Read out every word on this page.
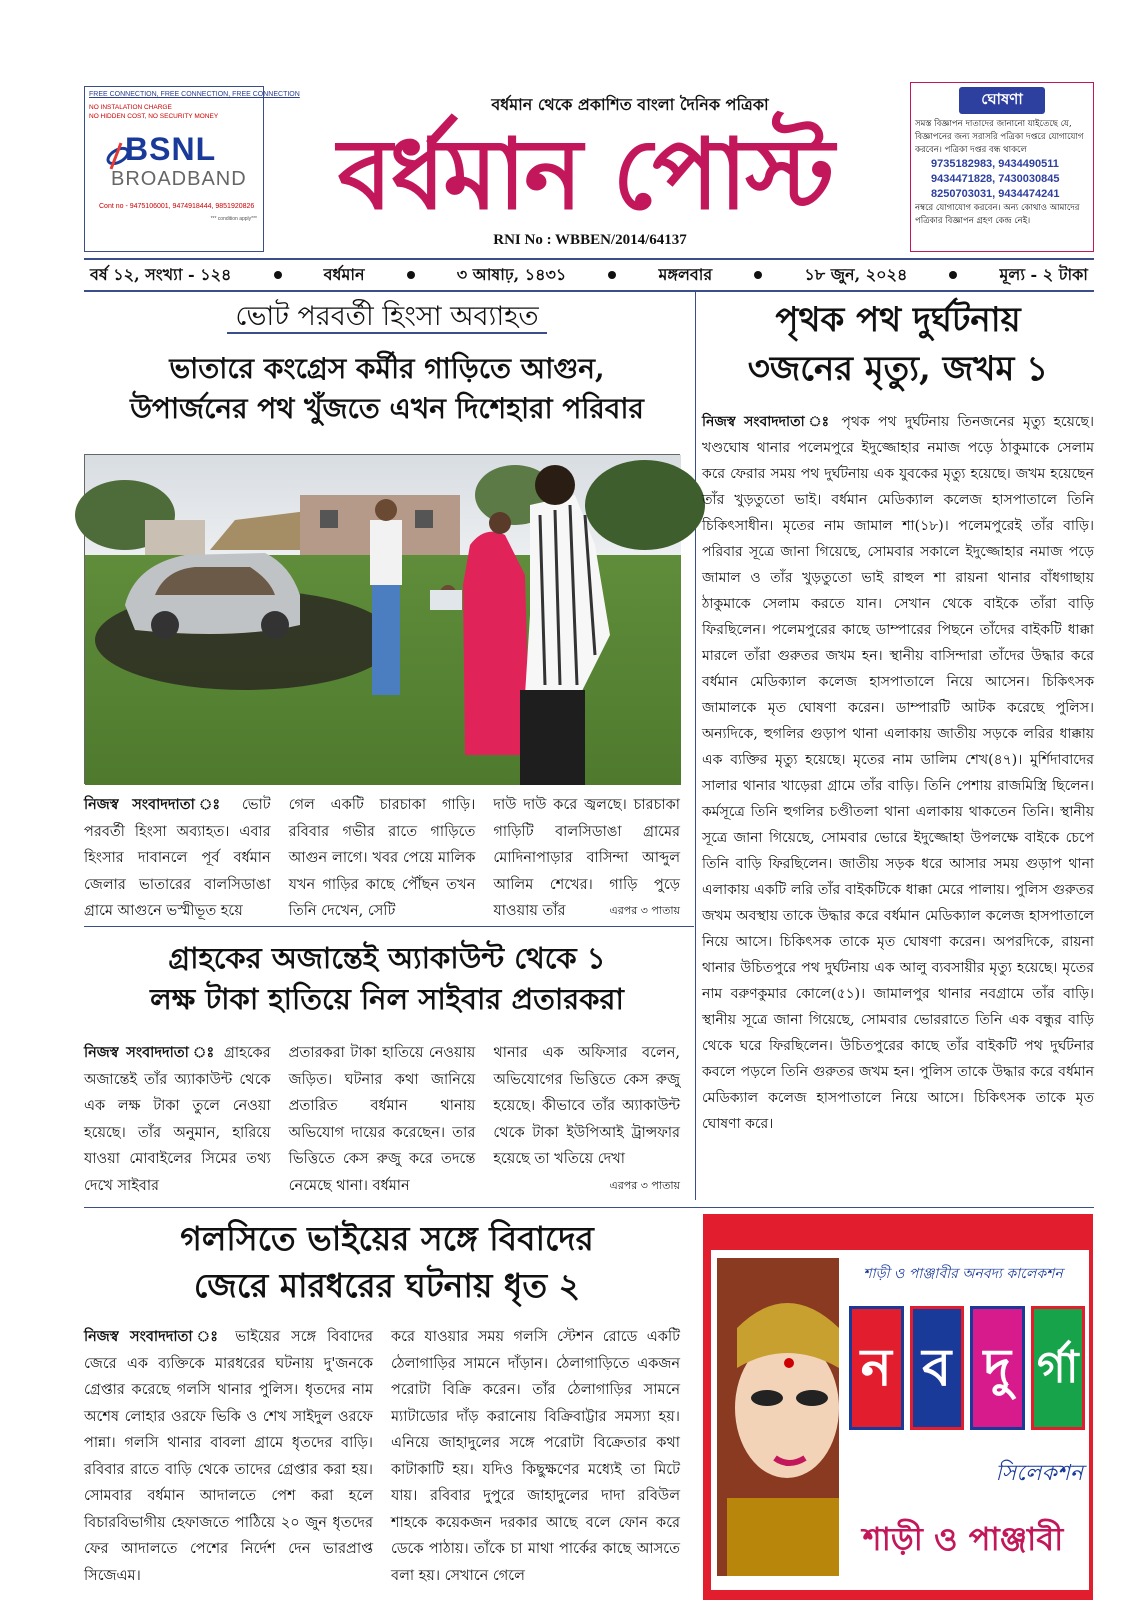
FREE CONNECTION, FREE CONNECTION, FREE CONNECTION
NO INSTALATION CHARGE
NO HIDDEN COST, NO SECURITY MONEY
BSNL
BROADBAND
Cont no - 9475106001, 9474918444, 9851920826
*** condition apply***
বর্ধমান থেকে প্রকাশিত বাংলা দৈনিক পত্রিকা
বর্ধমান পোস্ট
RNI No : WBBEN/2014/64137
ঘোষণা
সমস্ত বিজ্ঞাপন দাতাদের জানানো যাইতেছে যে, বিজ্ঞাপনের জন্য সরাসরি পত্রিকা দপ্তরে যোগাযোগ করবেন। পত্রিকা দপ্তর বন্ধ থাকলে
9735182983, 9434490511
9434471828, 7430030845
8250703031, 9434474241
নম্বরে যোগাযোগ করবেন। অন্য কোথাও আমাদের পত্রিকার বিজ্ঞাপন গ্রহণ কেন্দ্র নেই।
বর্ষ ১২, সংখ্যা - ১২৪	বর্ধমান	৩ আষাঢ়, ১৪৩১	মঙ্গলবার	১৮ জুন, ২০২৪	মূল্য - ২ টাকা
ভোট পরবর্তী হিংসা অব্যাহত
ভাতারে কংগ্রেস কর্মীর গাড়িতে আগুন,
উপার্জনের পথ খুঁজতে এখন দিশেহারা পরিবার
নিজস্ব সংবাদদাতা ঃ ভোট পরবর্তী হিংসা অব্যাহত। এবার হিংসার দাবানলে পূর্ব বর্ধমান জেলার ভাতারের বালসিডাঙা গ্রামে আগুনে ভস্মীভূত হয়ে
গেল একটি চারচাকা গাড়ি। রবিবার গভীর রাতে গাড়িতে আগুন লাগে। খবর পেয়ে মালিক যখন গাড়ির কাছে পৌঁছন তখন তিনি দেখেন, সেটি
দাউ দাউ করে জ্বলছে। চারচাকা গাড়িটি বালসিডাঙা গ্রামের মোদিনাপাড়ার বাসিন্দা আব্দুল আলিম শেখের। গাড়ি পুড়ে যাওয়ায় তাঁর	এরপর ৩ পাতায়
পৃথক পথ দুর্ঘটনায়
৩জনের মৃত্যু, জখম ১
নিজস্ব সংবাদদাতা ঃ পৃথক পথ দুর্ঘটনায় তিনজনের মৃত্যু হয়েছে। খণ্ডঘোষ থানার পলেমপুরে ইদুজ্জোহার নমাজ পড়ে ঠাকুমাকে সেলাম করে ফেরার সময় পথ দুর্ঘটনায় এক যুবকের মৃত্যু হয়েছে। জখম হয়েছেন তাঁর খুড়তুতো ভাই। বর্ধমান মেডিক্যাল কলেজ হাসপাতালে তিনি চিকিৎসাধীন। মৃতের নাম জামাল শা(১৮)। পলেমপুরেই তাঁর বাড়ি। পরিবার সূত্রে জানা গিয়েছে, সোমবার সকালে ইদুজ্জোহার নমাজ পড়ে জামাল ও তাঁর খুড়তুতো ভাই রাহুল শা রায়না থানার বাঁধগাছায় ঠাকুমাকে সেলাম করতে যান। সেখান থেকে বাইকে তাঁরা বাড়ি ফিরছিলেন। পলেমপুরের কাছে ডাম্পারের পিছনে তাঁদের বাইকটি ধাক্কা মারলে তাঁরা গুরুতর জখম হন। স্থানীয় বাসিন্দারা তাঁদের উদ্ধার করে বর্ধমান মেডিক্যাল কলেজ হাসপাতালে নিয়ে আসেন। চিকিৎসক জামালকে মৃত ঘোষণা করেন। ডাম্পারটি আটক করেছে পুলিস। অন্যদিকে, হুগলির গুড়াপ থানা এলাকায় জাতীয় সড়কে লরির ধাক্কায় এক ব্যক্তির মৃত্যু হয়েছে। মৃতের নাম ডালিম শেখ(৪৭)। মুর্শিদাবাদের সালার থানার খাড়েরা গ্রামে তাঁর বাড়ি। তিনি পেশায় রাজমিস্ত্রি ছিলেন। কর্মসূত্রে তিনি হুগলির চণ্ডীতলা থানা এলাকায় থাকতেন তিনি। স্থানীয় সূত্রে জানা গিয়েছে, সোমবার ভোরে ইদুজ্জোহা উপলক্ষে বাইকে চেপে তিনি বাড়ি ফিরছিলেন। জাতীয় সড়ক ধরে আসার সময় গুড়াপ থানা এলাকায় একটি লরি তাঁর বাইকটিকে ধাক্কা মেরে পালায়। পুলিস গুরুতর জখম অবস্থায় তাকে উদ্ধার করে বর্ধমান মেডিক্যাল কলেজ হাসপাতালে নিয়ে আসে। চিকিৎসক তাকে মৃত ঘোষণা করেন। অপরদিকে, রায়না থানার উচিতপুরে পথ দুর্ঘটনায় এক আলু ব্যবসায়ীর মৃত্যু হয়েছে। মৃতের নাম বরুণকুমার কোলে(৫১)। জামালপুর থানার নবগ্রামে তাঁর বাড়ি। স্থানীয় সূত্রে জানা গিয়েছে, সোমবার ভোররাতে তিনি এক বন্ধুর বাড়ি থেকে ঘরে ফিরছিলেন। উচিতপুরের কাছে তাঁর বাইকটি পথ দুর্ঘটনার কবলে পড়লে তিনি গুরুতর জখম হন। পুলিস তাকে উদ্ধার করে বর্ধমান মেডিক্যাল কলেজ হাসপাতালে নিয়ে আসে। চিকিৎসক তাকে মৃত ঘোষণা করে।
গ্রাহকের অজান্তেই অ্যাকাউন্ট থেকে ১
লক্ষ টাকা হাতিয়ে নিল সাইবার প্রতারকরা
নিজস্ব সংবাদদাতা ঃ গ্রাহকের অজান্তেই তাঁর অ্যাকাউন্ট থেকে এক লক্ষ টাকা তুলে নেওয়া হয়েছে। তাঁর অনুমান, হারিয়ে যাওয়া মোবাইলের সিমের তথ্য দেখে সাইবার
প্রতারকরা টাকা হাতিয়ে নেওয়ায় জড়িত। ঘটনার কথা জানিয়ে প্রতারিত বর্ধমান থানায় অভিযোগ দায়ের করেছেন। তার ভিত্তিতে কেস রুজু করে তদন্তে নেমেছে থানা। বর্ধমান
থানার এক অফিসার বলেন, অভিযোগের ভিত্তিতে কেস রুজু হয়েছে। কীভাবে তাঁর অ্যাকাউন্ট থেকে টাকা ইউপিআই ট্রান্সফার হয়েছে তা খতিয়ে দেখা
এরপর ৩ পাতায়
গলসিতে ভাইয়ের সঙ্গে বিবাদের
জেরে মারধরের ঘটনায় ধৃত ২
নিজস্ব সংবাদদাতা ঃ ভাইয়ের সঙ্গে বিবাদের জেরে এক ব্যক্তিকে মারধরের ঘটনায় দু'জনকে গ্রেপ্তার করেছে গলসি থানার পুলিস। ধৃতদের নাম অশেষ লোহার ওরফে ভিকি ও শেখ সাইদুল ওরফে পান্না। গলসি থানার বাবলা গ্রামে ধৃতদের বাড়ি। রবিবার রাতে বাড়ি থেকে তাদের গ্রেপ্তার করা হয়। সোমবার বর্ধমান আদালতে পেশ করা হলে বিচারবিভাগীয় হেফাজতে পাঠিয়ে ২০ জুন ধৃতদের ফের আদালতে পেশের নির্দেশ দেন ভারপ্রাপ্ত সিজেএম।
করে যাওয়ার সময় গলসি স্টেশন রোডে একটি ঠেলাগাড়ির সামনে দাঁড়ান। ঠেলাগাড়িতে একজন পরোটা বিক্রি করেন। তাঁর ঠেলাগাড়ির সামনে ম্যাটাডোর দাঁড় করানোয় বিক্রিবাট্টার সমস্যা হয়। এনিয়ে জাহাদুলের সঙ্গে পরোটা বিক্রেতার কথা কাটাকাটি হয়। যদিও কিছুক্ষণের মধ্যেই তা মিটে যায়। রবিবার দুপুরে জাহাদুলের দাদা রবিউল শাহকে কয়েকজন দরকার আছে বলে ফোন করে ডেকে পাঠায়। তাঁকে চা মাথা পার্কের কাছে আসতে বলা হয়। সেখানে গেলে
শাড়ী ও পাঞ্জাবীর অনবদ্য কালেকশন
ন ব দু র্গা
সিলেকশন
শাড়ী ও পাঞ্জাবী
